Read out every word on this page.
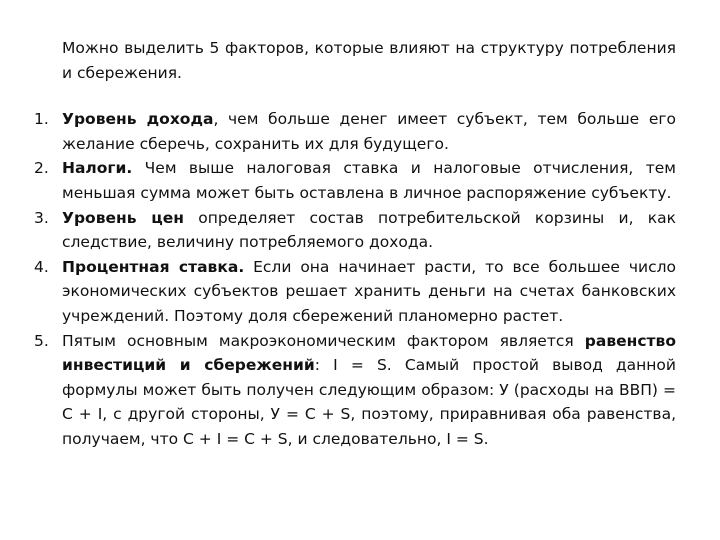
Можно выделить 5 факторов, которые влияют на структуру потребления и сбережения.

1. Уровень дохода, чем больше денег имеет субъект, тем больше его желание сберечь, сохранить их для будущего.

2. Налоги. Чем выше налоговая ставка и налоговые отчисления, тем меньшая сумма может быть оставлена в личное распоряжение субъекту.

3. Уровень цен определяет состав потребительской корзины и, как следствие, величину потребляемого дохода.

4. Процентная ставка. Если она начинает расти, то все большее число экономических субъектов решает хранить деньги на счетах банковских учреждений. Поэтому доля сбережений планомерно растет.

5. Пятым основным макроэкономическим фактором является равенство инвестиций и сбережений: I = S. Самый простой вывод данной формулы может быть получен следующим образом: У (расходы на ВВП) = С + I, с другой стороны, У = С + S, поэтому, приравнивая оба равенства, получаем, что С + I = С + S, и следовательно, I = S.
